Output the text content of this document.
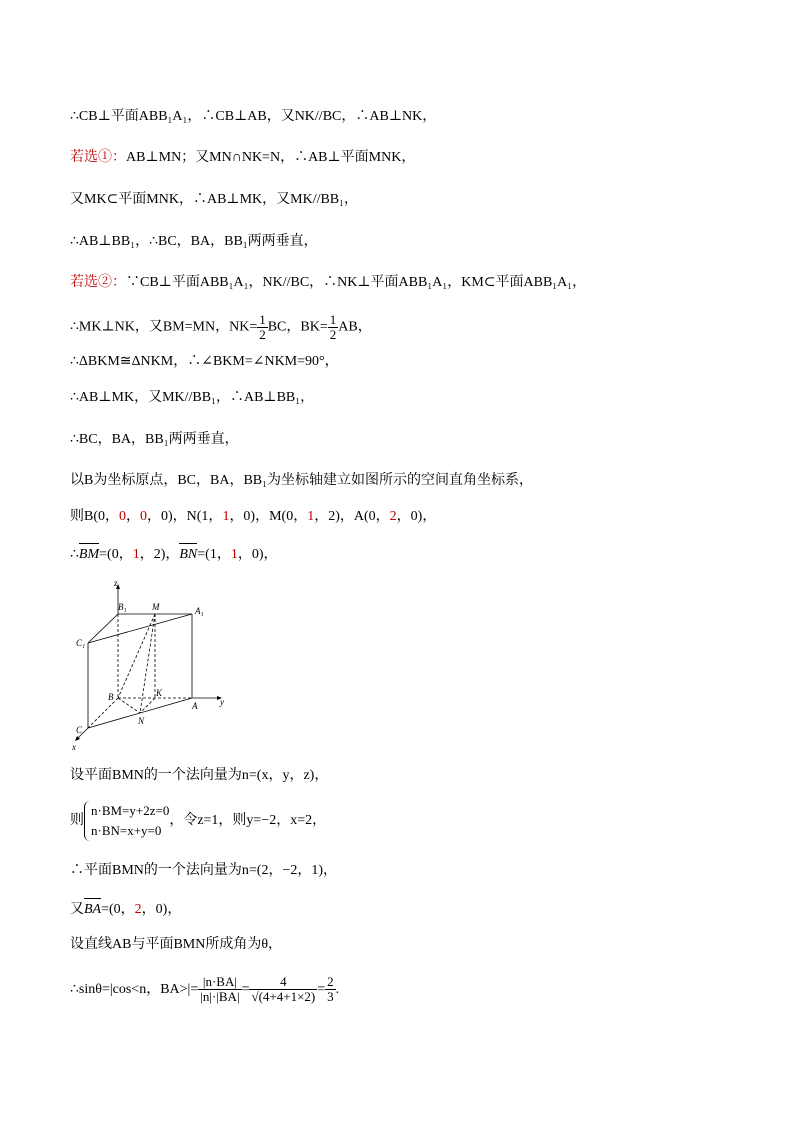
∴CB⊥平面ABB₁A₁，∴CB⊥AB，又NK//BC，∴AB⊥NK，
若选①：AB⊥MN；又MN∩NK=N，∴AB⊥平面MNK，
又MK⊂平面MNK，∴AB⊥MK，又MK//BB₁，
∴AB⊥BB₁，∴BC，BA，BB₁两两垂直，
若选②：∵CB⊥平面ABB₁A₁，NK//BC，∴NK⊥平面ABB₁A₁，KM⊂平面ABB₁A₁，
∴MK⊥NK，又BM=MN，$NK= \frac{1}{2}$ BC，$BK= \frac{1}{2}$ AB，
∴ΔBKM≅ΔNKM，∴∠BKM=∠NKM=90°，
∴AB⊥MK，又MK//BB₁，∴AB⊥BB₁，
∴BC，BA，BB₁两两垂直，
以B为坐标原点，BC，BA，BB₁为坐标轴建立如图所示的空间直角坐标系，
则B(0，0，0，0)，N(1，1，0)，M(0，1，2)，A(0，2，0)，
∴BM=(0，1，2)，BN=(1，1，0)，
z
y
x
B₁	M	A₁
C₁
B	K
A
N
C
设平面BMN的一个法向量为n=(x，y，z)，
则
n·BM=y+2z=0
n·BN=x+y=0
，令z=1，则y=−2，x=2，
∴平面BMN的一个法向量为n=(2，−2，1)，
又BA=(0，2，0)，
设直线AB与平面BMN所成角为θ，
∴sinθ=|cos<n，$BA>|= \frac{|n\cdot BA|}{|n|\cdot|BA|} = \frac{4}{√(4+4+1\times 2)} = \frac{2}{3}$ .
